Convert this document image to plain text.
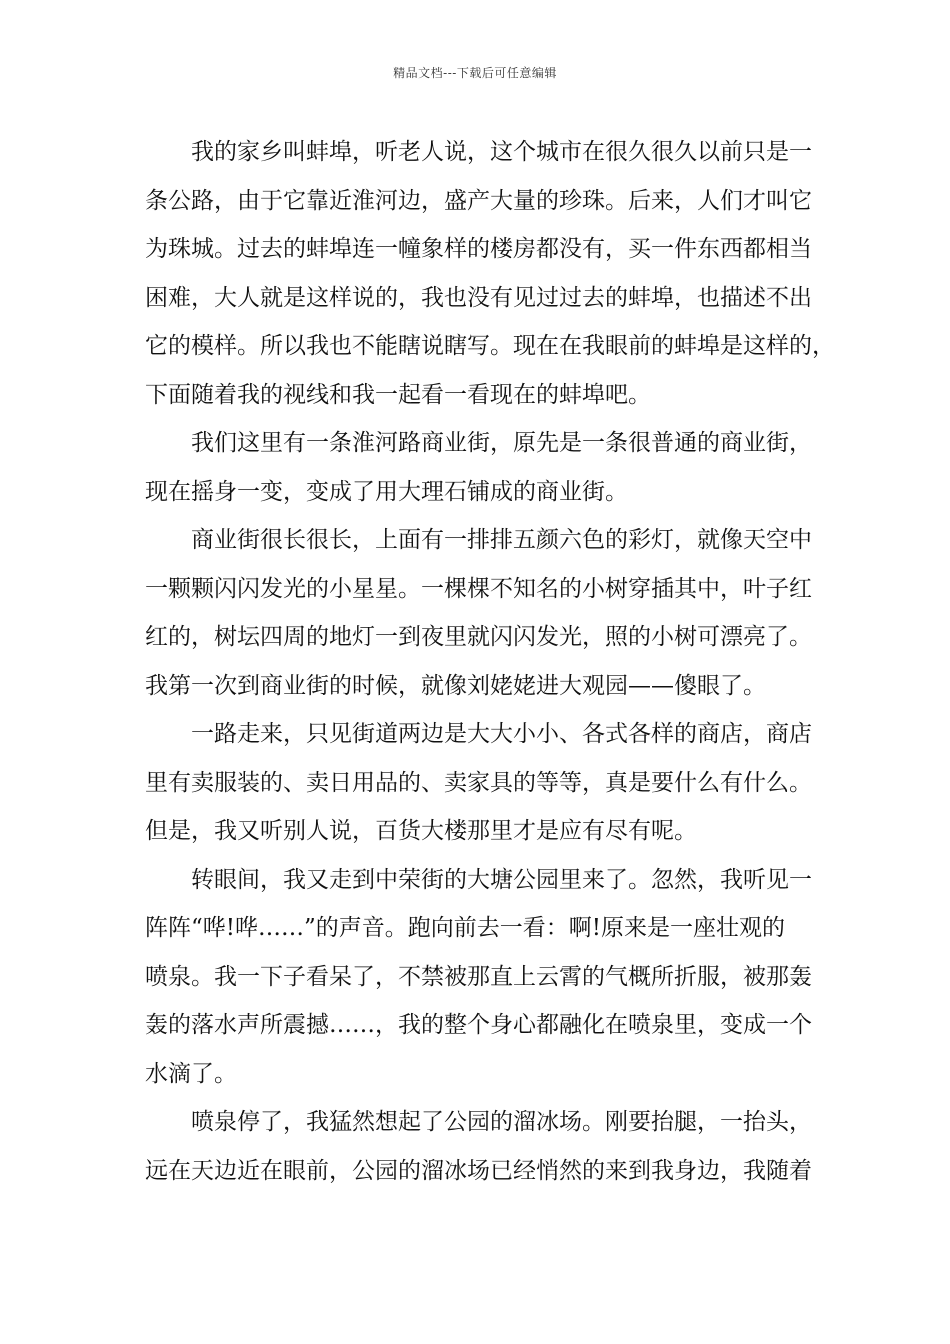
精品文档---下载后可任意编辑
我的家乡叫蚌埠，听老人说，这个城市在很久很久以前只是一
条公路，由于它靠近淮河边，盛产大量的珍珠。后来，人们才叫它
为珠城。过去的蚌埠连一幢象样的楼房都没有，买一件东西都相当
困难，大人就是这样说的，我也没有见过过去的蚌埠，也描述不出
它的模样。所以我也不能瞎说瞎写。现在在我眼前的蚌埠是这样的，
下面随着我的视线和我一起看一看现在的蚌埠吧。
我们这里有一条淮河路商业街，原先是一条很普通的商业街，
现在摇身一变，变成了用大理石铺成的商业街。
商业街很长很长，上面有一排排五颜六色的彩灯，就像天空中
一颗颗闪闪发光的小星星。一棵棵不知名的小树穿插其中，叶子红
红的，树坛四周的地灯一到夜里就闪闪发光，照的小树可漂亮了。
我第一次到商业街的时候，就像刘姥姥进大观园——傻眼了。
一路走来，只见街道两边是大大小小、各式各样的商店，商店
里有卖服装的、卖日用品的、卖家具的等等，真是要什么有什么。
但是，我又听别人说，百货大楼那里才是应有尽有呢。
转眼间，我又走到中荣街的大塘公园里来了。忽然，我听见一
阵阵“哗!哗……”的声音。跑向前去一看：啊!原来是一座壮观的
喷泉。我一下子看呆了，不禁被那直上云霄的气概所折服，被那轰
轰的落水声所震撼……，我的整个身心都融化在喷泉里，变成一个
水滴了。
喷泉停了，我猛然想起了公园的溜冰场。刚要抬腿，一抬头，
远在天边近在眼前，公园的溜冰场已经悄然的来到我身边，我随着
